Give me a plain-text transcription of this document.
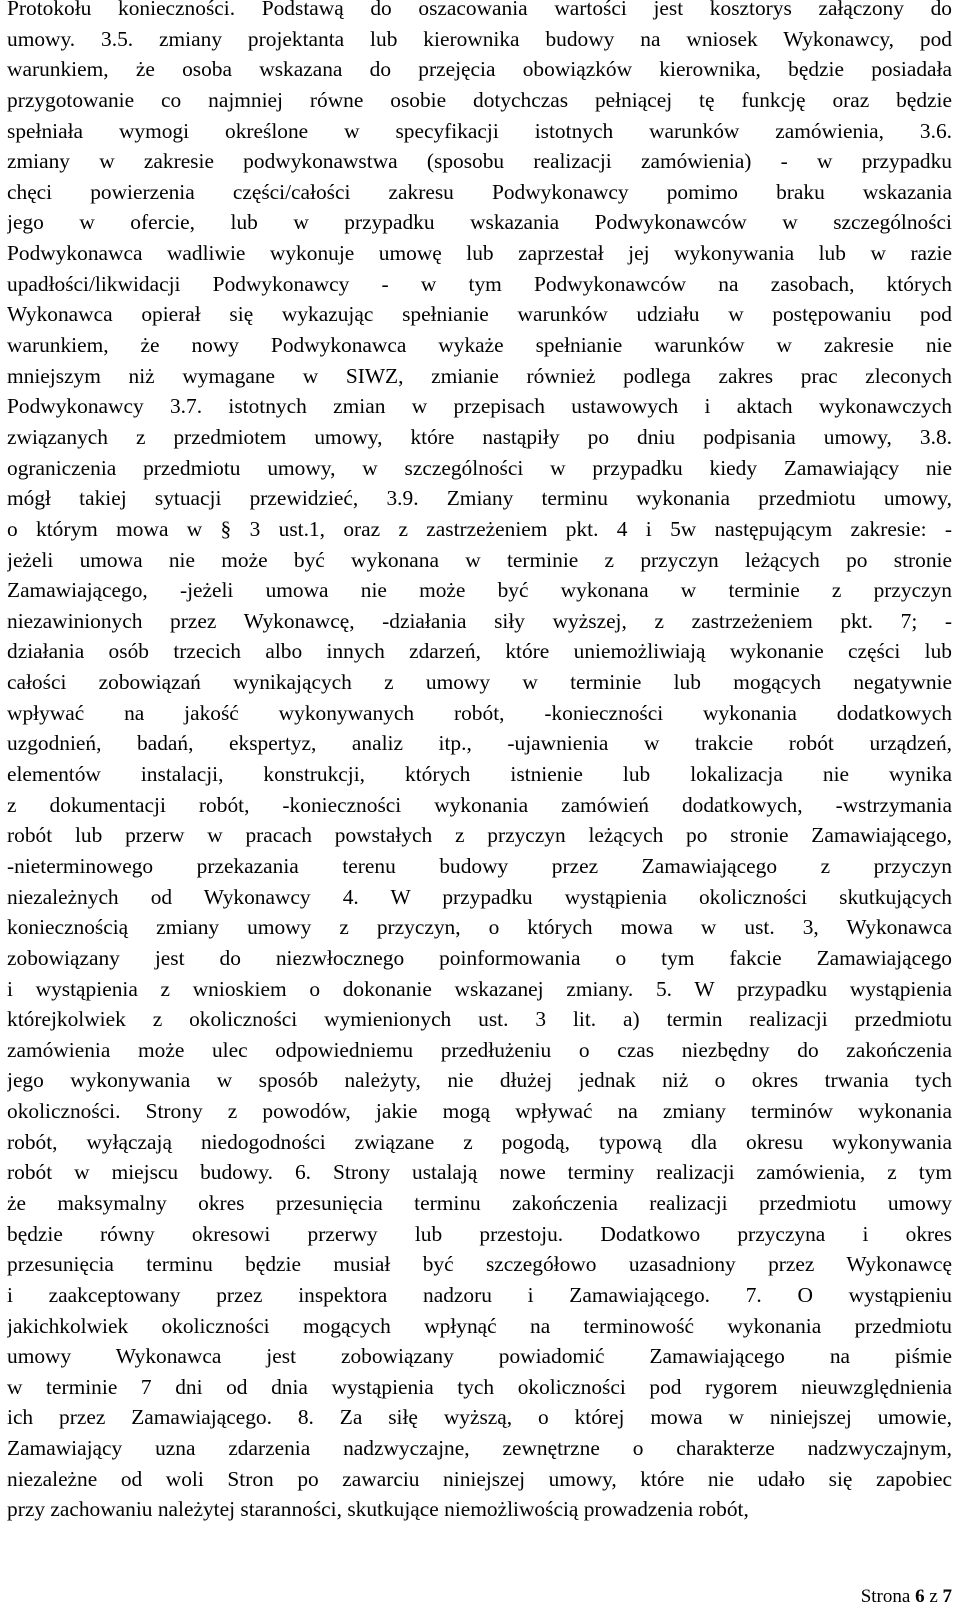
Protokołu konieczności. Podstawą do oszacowania wartości jest kosztorys załączony do
umowy. 3.5. zmiany projektanta lub kierownika budowy na wniosek Wykonawcy, pod
warunkiem, że osoba wskazana do przejęcia obowiązków kierownika, będzie posiadała
przygotowanie co najmniej równe osobie dotychczas pełniącej tę funkcję oraz będzie
spełniała wymogi określone w specyfikacji istotnych warunków zamówienia, 3.6.
zmiany w zakresie podwykonawstwa (sposobu realizacji zamówienia) - w przypadku
chęci powierzenia części/całości zakresu Podwykonawcy pomimo braku wskazania
jego w ofercie, lub w przypadku wskazania Podwykonawców w szczególności
Podwykonawca wadliwie wykonuje umowę lub zaprzestał jej wykonywania lub w razie
upadłości/likwidacji Podwykonawcy - w tym Podwykonawców na zasobach, których
Wykonawca opierał się wykazując spełnianie warunków udziału w postępowaniu pod
warunkiem, że nowy Podwykonawca wykaże spełnianie warunków w zakresie nie
mniejszym niż wymagane w SIWZ, zmianie również podlega zakres prac zleconych
Podwykonawcy 3.7. istotnych zmian w przepisach ustawowych i aktach wykonawczych
związanych z przedmiotem umowy, które nastąpiły po dniu podpisania umowy, 3.8.
ograniczenia przedmiotu umowy, w szczególności w przypadku kiedy Zamawiający nie
mógł takiej sytuacji przewidzieć, 3.9. Zmiany terminu wykonania przedmiotu umowy,
o którym mowa w § 3 ust.1, oraz z zastrzeżeniem pkt. 4 i 5w następującym zakresie: -
jeżeli umowa nie może być wykonana w terminie z przyczyn leżących po stronie
Zamawiającego, -jeżeli umowa nie może być wykonana w terminie z przyczyn
niezawinionych przez Wykonawcę, -działania siły wyższej, z zastrzeżeniem pkt. 7; -
działania osób trzecich albo innych zdarzeń, które uniemożliwiają wykonanie części lub
całości zobowiązań wynikających z umowy w terminie lub mogących negatywnie
wpływać na jakość wykonywanych robót, -konieczności wykonania dodatkowych
uzgodnień, badań, ekspertyz, analiz itp., -ujawnienia w trakcie robót urządzeń,
elementów instalacji, konstrukcji, których istnienie lub lokalizacja nie wynika
z dokumentacji robót, -konieczności wykonania zamówień dodatkowych, -wstrzymania
robót lub przerw w pracach powstałych z przyczyn leżących po stronie Zamawiającego,
-nieterminowego przekazania terenu budowy przez Zamawiającego z przyczyn
niezależnych od Wykonawcy 4. W przypadku wystąpienia okoliczności skutkujących
koniecznością zmiany umowy z przyczyn, o których mowa w ust. 3, Wykonawca
zobowiązany jest do niezwłocznego poinformowania o tym fakcie Zamawiającego
i wystąpienia z wnioskiem o dokonanie wskazanej zmiany. 5. W przypadku wystąpienia
którejkolwiek z okoliczności wymienionych ust. 3 lit. a) termin realizacji przedmiotu
zamówienia może ulec odpowiedniemu przedłużeniu o czas niezbędny do zakończenia
jego wykonywania w sposób należyty, nie dłużej jednak niż o okres trwania tych
okoliczności. Strony z powodów, jakie mogą wpływać na zmiany terminów wykonania
robót, wyłączają niedogodności związane z pogodą, typową dla okresu wykonywania
robót w miejscu budowy. 6. Strony ustalają nowe terminy realizacji zamówienia, z tym
że maksymalny okres przesunięcia terminu zakończenia realizacji przedmiotu umowy
będzie równy okresowi przerwy lub przestoju. Dodatkowo przyczyna i okres
przesunięcia terminu będzie musiał być szczegółowo uzasadniony przez Wykonawcę
i zaakceptowany przez inspektora nadzoru i Zamawiającego. 7. O wystąpieniu
jakichkolwiek okoliczności mogących wpłynąć na terminowość wykonania przedmiotu
umowy Wykonawca jest zobowiązany powiadomić Zamawiającego na piśmie
w terminie 7 dni od dnia wystąpienia tych okoliczności pod rygorem nieuwzględnienia
ich przez Zamawiającego. 8. Za siłę wyższą, o której mowa w niniejszej umowie,
Zamawiający uzna zdarzenia nadzwyczajne, zewnętrzne o charakterze nadzwyczajnym,
niezależne od woli Stron po zawarciu niniejszej umowy, które nie udało się zapobiec
przy zachowaniu należytej staranności, skutkujące niemożliwością prowadzenia robót,
Strona 6 z 7
